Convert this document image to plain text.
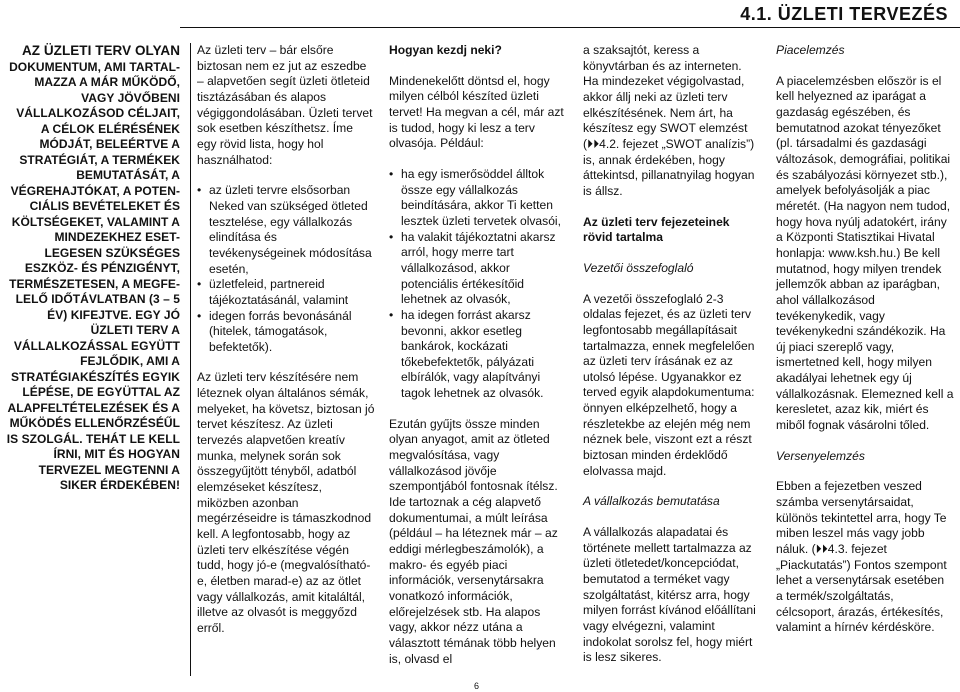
4.1. ÜZLETI TERVEZÉS
AZ ÜZLETI TERV OLYAN DOKUMENTUM, AMI TARTAL-MAZZA A MÁR MŰKÖDŐ, VAGY JÖVŐBENI VÁLLALKOZÁSOD CÉLJAIT, A CÉLOK ELÉRÉSÉNEK MÓDJÁT, BELEÉRTVE A STRATÉGIÁT, A TERMÉKEK BEMUTATÁSÁT, A VÉGREHAJTÓKAT, A POTEN-CIÁLIS BEVÉTELEKET ÉS KÖLTSÉGEKET, VALAMINT A MINDEZEKHEZ ESET-LEGESEN SZÜKSÉGES ESZKÖZ- ÉS PÉNZIGÉNYT, TERMÉSZETESEN, A MEGFE-LELŐ IDŐTÁVLATBAN (3 – 5 ÉV) KIFEJTVE. EGY JÓ ÜZLETI TERV A VÁLLALKOZÁSSAL EGYÜTT FEJLŐDIK, AMI A STRATÉGIAKÉSZÍTÉS EGYIK LÉPÉSE, DE EGYÜTTAL AZ ALAPFELTÉTELEZÉSEK ÉS A MŰKÖDÉS ELLENŐRZÉSÉŰL IS SZOLGÁL. TEHÁT LE KELL ÍRNI, MIT ÉS HOGYAN TERVEZEL MEGTENNI A SIKER ÉRDEKÉBEN!

Az üzleti terv – bár elsőre biztosan nem ez jut az eszedbe – alapvetően segít üzleti ötleteid tisztázásában és alapos végiggondolásában. Üzleti tervet sok esetben készíthetsz. Íme egy rövid lista, hogy hol használhatod:

• az üzleti tervre elsősorban Neked van szükséged ötleted tesztelése, egy vállalkozás elindítása és tevékenységeinek módosítása esetén,
• üzletfeleid, partnereid tájékoztatásánál, valamint
• idegen forrás bevonásánál (hitelek, támogatások, befektetők).

Az üzleti terv készítésére nem léteznek olyan általános sémák, melyeket, ha követsz, biztosan jó tervet készítesz. Az üzleti tervezés alapvetően kreatív munka, melynek során sok összegyűjtött tényből, adatból elemzéseket készítesz, miközben azonban megérzéseidre is támaszkodnod kell. A legfontosabb, hogy az üzleti terv elkészítése végén tudd, hogy jó-e (megvalósítható-e, életben marad-e) az az ötlet vagy vállalkozás, amit kitaláltál, illetve az olvasót is meggyőzd erről.

Hogyan kezdj neki?

Mindenekelőtt döntsd el, hogy milyen célból készíted üzleti tervet! Ha megvan a cél, már azt is tudod, hogy ki lesz a terv olvasója. Például:

• ha egy ismerősöddel álltok össze egy vállalkozás beindítására, akkor Ti ketten lesztek üzleti tervetek olvasói,
• ha valakit tájékoztatni akarsz arról, hogy merre tart vállalkozásod, akkor potenciális értékesítőid lehetnek az olvasók,
• ha idegen forrást akarsz bevonni, akkor esetleg bankárok, kockázati tőkebefektetők, pályázati elbírálók, vagy alapítványi tagok lehetnek az olvasók.

Ezután gyűjts össze minden olyan anyagot, amit az ötleted megvalósítása, vagy vállalkozásod jövője szempontjából fontosnak ítélsz. Ide tartoznak a cég alapvető dokumentumai, a múlt leírása (például – ha léteznek már – az eddigi mérlegbeszámolók), a makro- és egyéb piaci információk, versenytársakra vonatkozó információk, előrejelzések stb. Ha alapos vagy, akkor nézz utána a választott témának több helyen is, olvasd el

a szaksajtót, keress a könyvtárban és az interneten. Ha mindezeket végigolvastad, akkor állj neki az üzleti terv elkészítésének. Nem árt, ha készítesz egy SWOT elemzést (⏵⏵4.2. fejezet „SWOT analízis”) is, annak érdekében, hogy áttekintsd, pillanatnyilag hogyan is állsz.

Az üzleti terv fejezeteinek rövid tartalma

Vezetői összefoglaló

A vezetői összefoglaló 2-3 oldalas fejezet, és az üzleti terv legfontosabb megállapításait tartalmazza, ennek megfelelően az üzleti terv írásának ez az utolsó lépése. Ugyanakkor ez terved egyik alapdokumentuma: önnyen elképzelhető, hogy a részletekbe az elején még nem néznek bele, viszont ezt a részt biztosan minden érdeklődő elolvassa majd.

A vállalkozás bemutatása

A vállalkozás alapadatai és története mellett tartalmazza az üzleti ötletedet/koncepciódat, bemutatod a terméket vagy szolgáltatást, kitérsz arra, hogy milyen forrást kívánod előállítani vagy elvégezni, valamint indokolat sorolsz fel, hogy miért is lesz sikeres.

Piacelemzés

A piacelemzésben először is el kell helyezned az iparágat a gazdaság egészében, és bemutatnod azokat tényezőket (pl. társadalmi és gazdasági változások, demográfiai, politikai és szabályozási környezet stb.), amelyek befolyásolják a piac méretét. (Ha nagyon nem tudod, hogy hova nyúlj adatokért, irány a Központi Statisztikai Hivatal honlapja: www.ksh.hu.) Be kell mutatnod, hogy milyen trendek jellemzők abban az iparágban, ahol vállalkozásod tevékenykedik, vagy tevékenykedni szándékozik. Ha új piaci szereplő vagy, ismertetned kell, hogy milyen akadályai lehetnek egy új vállalkozásnak. Elemezned kell a keresletet, azaz kik, miért és miből fognak vásárolni tőled.

Versenyelemzés

Ebben a fejezetben veszed számba versenytársaidat, különös tekintettel arra, hogy Te miben leszel más vagy jobb náluk. (⏵⏵4.3. fejezet „Piackutatás”) Fontos szempont lehet a versenytársak esetében a termék/szolgáltatás, célcsoport, árazás, értékesítés, valamint a hírnév kérdésköre.

6
